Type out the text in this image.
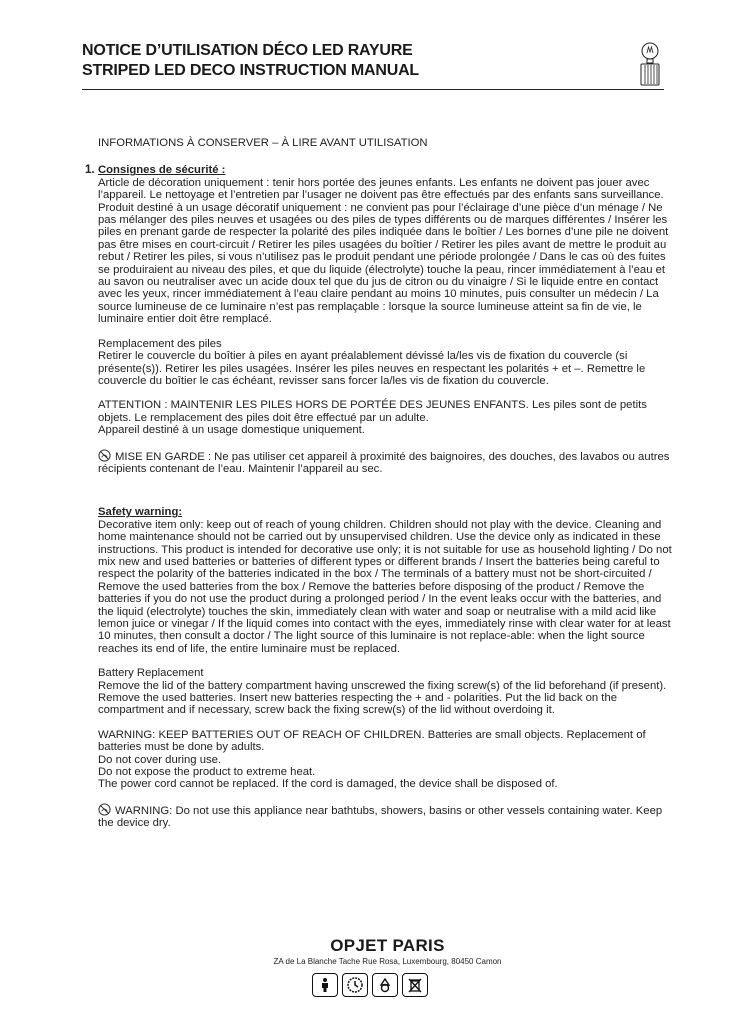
NOTICE D’UTILISATION DÉCO LED RAYURE
STRIPED LED DECO INSTRUCTION MANUAL

INFORMATIONS À CONSERVER – À LIRE AVANT UTILISATION

1. Consignes de sécurité :

Article de décoration uniquement : tenir hors portée des jeunes enfants. Les enfants ne doivent pas jouer avec l’appareil. Le nettoyage et l’entretien par l’usager ne doivent pas être effectués par des enfants sans surveillance. Produit destiné à un usage décoratif uniquement : ne convient pas pour l’éclairage d’une pièce d’un ménage / Ne pas mélanger des piles neuves et usagées ou des piles de types différents ou de marques différentes / Insérer les piles en prenant garde de respecter la polarité des piles indiquée dans le boîtier / Les bornes d’une pile ne doivent pas être mises en court-circuit / Retirer les piles usagées du boîtier / Retirer les piles avant de mettre le produit au rebut / Retirer les piles, si vous n’utilisez pas le produit pendant une période prolongée / Dans le cas où des fuites se produiraient au niveau des piles, et que du liquide (électrolyte) touche la peau, rincer immédiatement à l’eau et au savon ou neutraliser avec un acide doux tel que du jus de citron ou du vinaigre / Si le liquide entre en contact avec les yeux, rincer immédiatement à l’eau claire pendant au moins 10 minutes, puis consulter un médecin / La source lumineuse de ce luminaire n’est pas remplaçable : lorsque la source lumineuse atteint sa fin de vie, le luminaire entier doit être remplacé.

Remplacement des piles

Retirer le couvercle du boîtier à piles en ayant préalablement dévissé la/les vis de fixation du couvercle (si présente(s)). Retirer les piles usagées. Insérer les piles neuves en respectant les polarités + et –. Remettre le couvercle du boîtier le cas échéant, revisser sans forcer la/les vis de fixation du couvercle.

ATTENTION : MAINTENIR LES PILES HORS DE PORTÉE DES JEUNES ENFANTS. Les piles sont de petits objets. Le remplacement des piles doit être effectué par un adulte.

Appareil destiné à un usage domestique uniquement.

MISE EN GARDE : Ne pas utiliser cet appareil à proximité des baignoires, des douches, des lavabos ou autres récipients contenant de l’eau. Maintenir l’appareil au sec.

Safety warning:

Decorative item only: keep out of reach of young children. Children should not play with the device. Cleaning and home maintenance should not be carried out by unsupervised children. Use the device only as indicated in these instructions. This product is intended for decorative use only; it is not suitable for use as household lighting / Do not mix new and used batteries or batteries of different types or different brands / Insert the batteries being careful to respect the polarity of the batteries indicated in the box / The terminals of a battery must not be short-circuited / Remove the used batteries from the box / Remove the batteries before disposing of the product / Remove the batteries if you do not use the product during a prolonged period / In the event leaks occur with the batteries, and the liquid (electrolyte) touches the skin, immediately clean with water and soap or neutralise with a mild acid like lemon juice or vinegar / If the liquid comes into contact with the eyes, immediately rinse with clear water for at least 10 minutes, then consult a doctor / The light source of this luminaire is not replace-able: when the light source reaches its end of life, the entire luminaire must be replaced.

Battery Replacement

Remove the lid of the battery compartment having unscrewed the fixing screw(s) of the lid beforehand (if present). Remove the used batteries. Insert new batteries respecting the + and - polarities. Put the lid back on the compartment and if necessary, screw back the fixing screw(s) of the lid without overdoing it.

WARNING: KEEP BATTERIES OUT OF REACH OF CHILDREN. Batteries are small objects. Replacement of batteries must be done by adults.

Do not cover during use.

Do not expose the product to extreme heat.

The power cord cannot be replaced. If the cord is damaged, the device shall be disposed of.

WARNING: Do not use this appliance near bathtubs, showers, basins or other vessels containing water. Keep the device dry.

OPJET PARIS
ZA de La Blanche Tache Rue Rosa, Luxembourg, 80450 Camon
